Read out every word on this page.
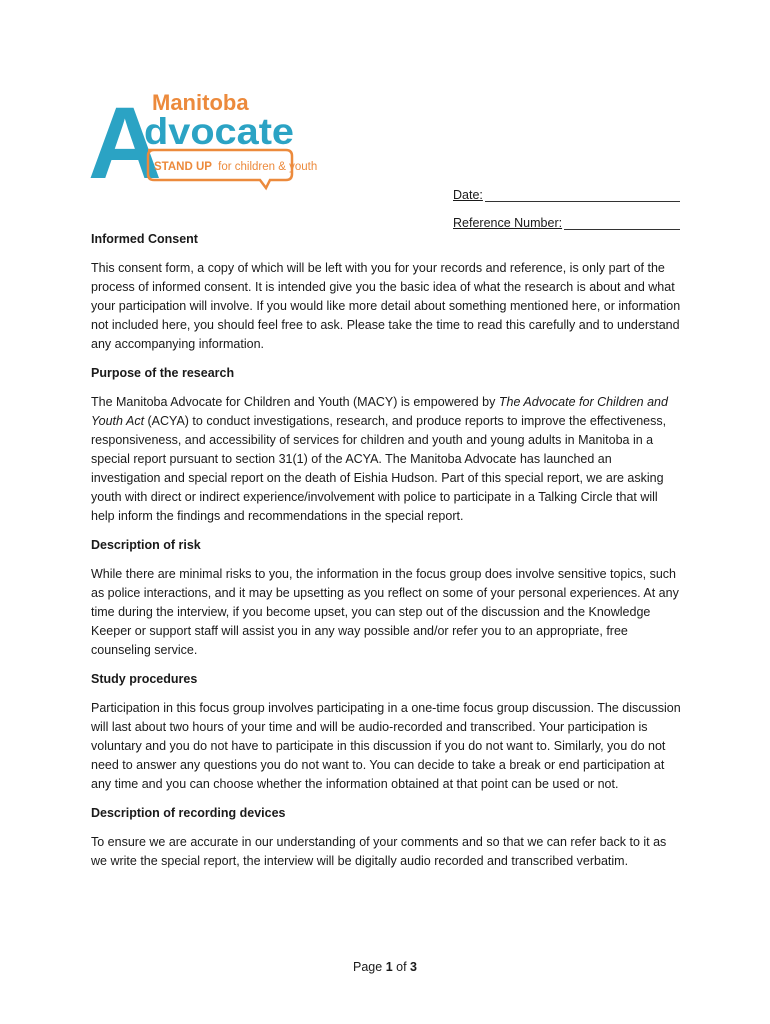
A
Manitoba
dvocate
STAND UP for children & youth
Date:
Reference Number:

Informed Consent

This consent form, a copy of which will be left with you for your records and reference, is only part of the process of informed consent. It is intended give you the basic idea of what the research is about and what your participation will involve. If you would like more detail about something mentioned here, or information not included here, you should feel free to ask. Please take the time to read this carefully and to understand any accompanying information.

Purpose of the research

The Manitoba Advocate for Children and Youth (MACY) is empowered by The Advocate for Children and Youth Act (ACYA) to conduct investigations, research, and produce reports to improve the effectiveness, responsiveness, and accessibility of services for children and youth and young adults in Manitoba in a special report pursuant to section 31(1) of the ACYA. The Manitoba Advocate has launched an investigation and special report on the death of Eishia Hudson. Part of this special report, we are asking youth with direct or indirect experience/involvement with police to participate in a Talking Circle that will help inform the findings and recommendations in the special report.

Description of risk

While there are minimal risks to you, the information in the focus group does involve sensitive topics, such as police interactions, and it may be upsetting as you reflect on some of your personal experiences. At any time during the interview, if you become upset, you can step out of the discussion and the Knowledge Keeper or support staff will assist you in any way possible and/or refer you to an appropriate, free counseling service.

Study procedures

Participation in this focus group involves participating in a one-time focus group discussion. The discussion will last about two hours of your time and will be audio-recorded and transcribed. Your participation is voluntary and you do not have to participate in this discussion if you do not want to. Similarly, you do not need to answer any questions you do not want to. You can decide to take a break or end participation at any time and you can choose whether the information obtained at that point can be used or not.

Description of recording devices

To ensure we are accurate in our understanding of your comments and so that we can refer back to it as we write the special report, the interview will be digitally audio recorded and transcribed verbatim.

Page 1 of 3
